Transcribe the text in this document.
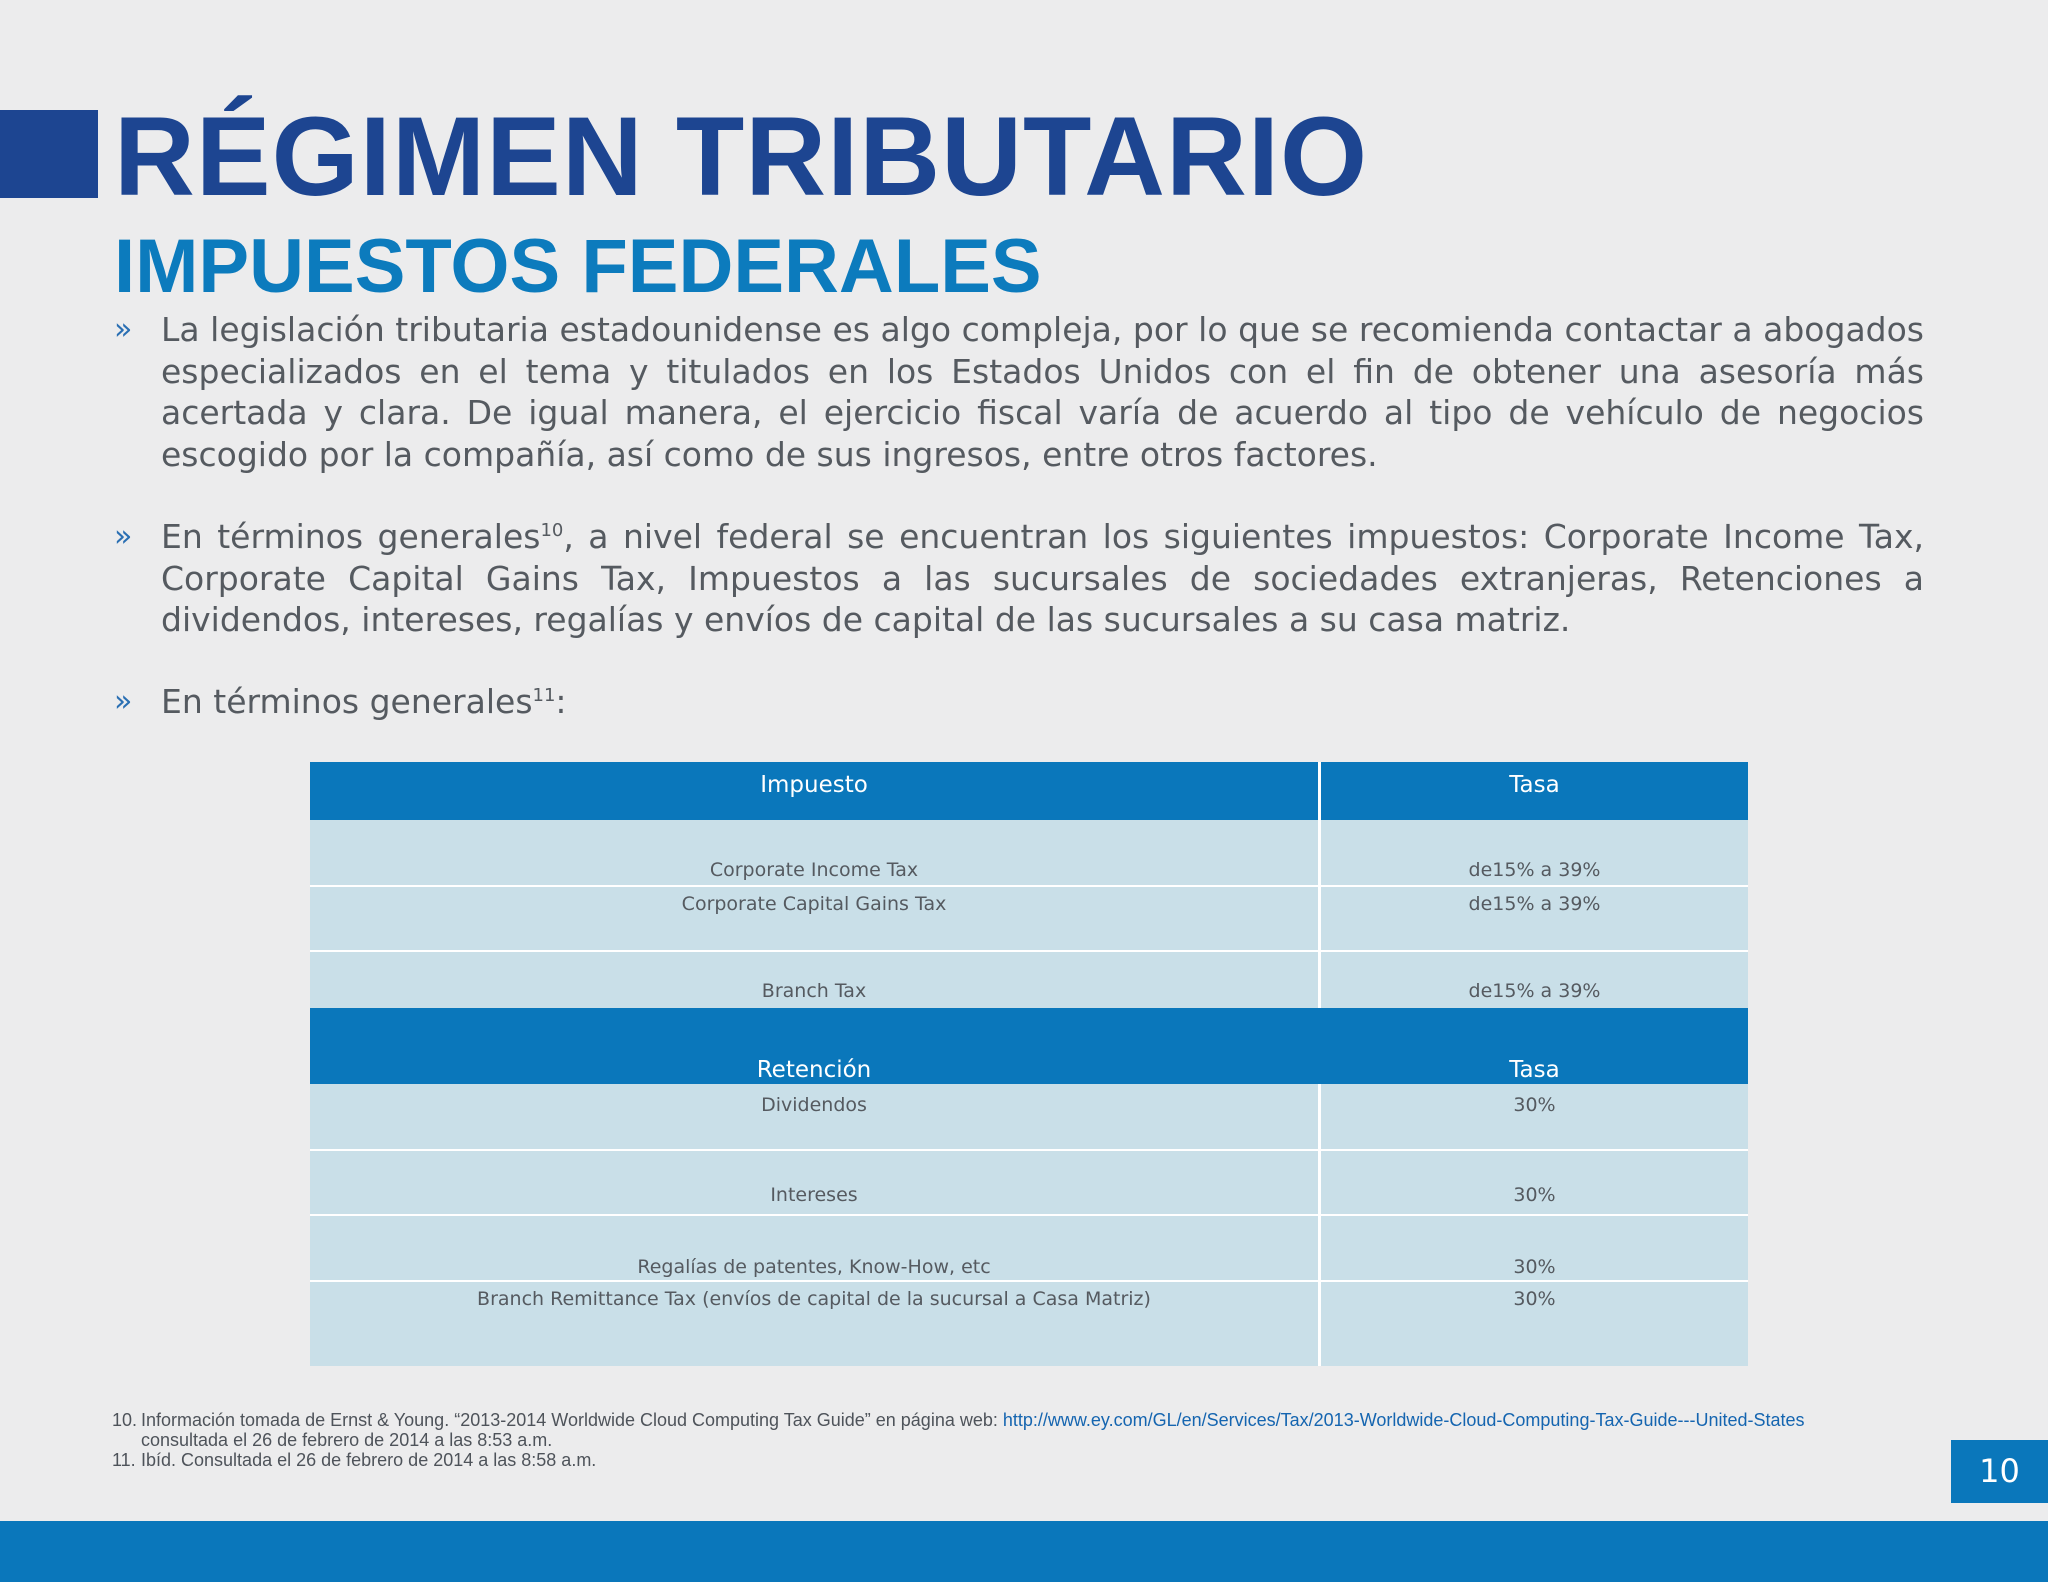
RÉGIMEN TRIBUTARIO
IMPUESTOS FEDERALES
» La legislación tributaria estadounidense es algo compleja, por lo que se recomienda contactar a abogados especializados en el tema y titulados en los Estados Unidos con el fin de obtener una asesoría más acertada y clara. De igual manera, el ejercicio fiscal varía de acuerdo al tipo de vehículo de negocios escogido por la compañía, así como de sus ingresos, entre otros factores.
» En términos generales$^{10}$, a nivel federal se encuentran los siguientes impuestos: Corporate Income Tax, Corporate Capital Gains Tax, Impuestos a las sucursales de sociedades extranjeras, Retenciones a dividendos, intereses, regalías y envíos de capital de las sucursales a su casa matriz.
» En términos generales$^{11}$:
Impuesto	Tasa
Corporate Income Tax	de15% a 39%
Corporate Capital Gains Tax	de15% a 39%
Branch Tax	de15% a 39%
Retención	Tasa
Dividendos	30%
Intereses	30%
Regalías de patentes, Know-How, etc	30%
Branch Remittance Tax (envíos de capital de la sucursal a Casa Matriz)	30%
10. Información tomada de Ernst & Young. “2013-2014 Worldwide Cloud Computing Tax Guide” en página web: http://www.ey.com/GL/en/Services/Tax/2013-Worldwide-Cloud-Computing-Tax-Guide---United-States
consultada el 26 de febrero de 2014 a las 8:53 a.m.
11. Ibíd. Consultada el 26 de febrero de 2014 a las 8:58 a.m.	10
